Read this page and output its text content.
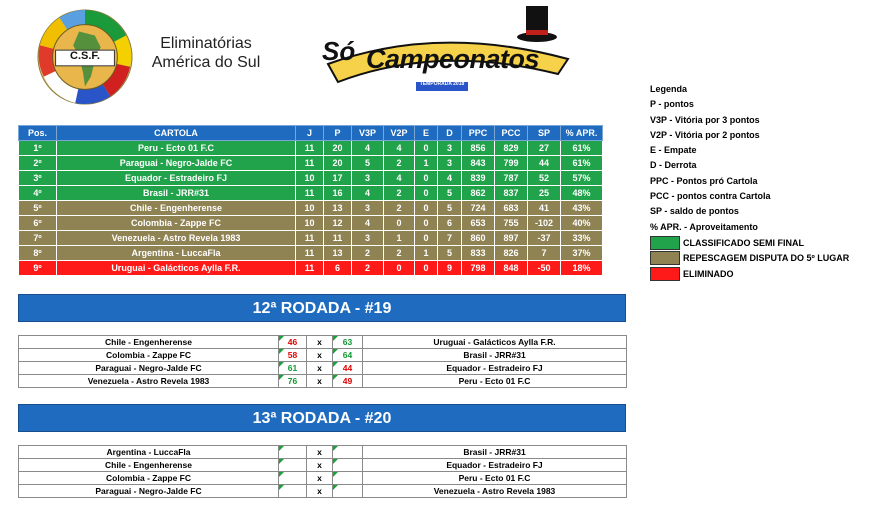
C.S.F.
Eliminatórias
América do Sul	Só Campeonatos
TEMPORADA 2018
Pos.	CARTOLA	J	P	V3P	V2P	E	D	PPC	PCC	SP	% APR.
1º	Peru - Ecto 01 F.C	11	20	4	4	0	3	856	829	27	61%
2º	Paraguai - Negro-Jalde FC	11	20	5	2	1	3	843	799	44	61%
3º	Equador - Estradeiro FJ	10	17	3	4	0	4	839	787	52	57%
4º	Brasil - JRR#31	11	16	4	2	0	5	862	837	25	48%
5º	Chile - Engenherense	10	13	3	2	0	5	724	683	41	43%
6º	Colombia - Zappe FC	10	12	4	0	0	6	653	755	-102	40%
7º	Venezuela - Astro Revela 1983	11	11	3	1	0	7	860	897	-37	33%
8º	Argentina - LuccaFla	11	13	2	2	1	5	833	826	7	37%
9º	Uruguai - Galácticos Aylla F.R.	11	6	2	0	0	9	798	848	-50	18%
Legenda
P - pontos
V3P - Vitória por 3 pontos
V2P - Vitória por 2 pontos
E - Empate
D - Derrota
PPC - Pontos pró Cartola
PCC - pontos contra Cartola
SP - saldo de pontos
% APR. - Aproveitamento
CLASSIFICADO SEMI FINAL
REPESCAGEM DISPUTA DO 5º LUGAR
ELIMINADO
12ª RODADA - #19
Chile - Engenherense	46	x	63	Uruguai - Galácticos Aylla F.R.
Colombia - Zappe FC	58	x	64	Brasil - JRR#31
Paraguai - Negro-Jalde FC	61	x	44	Equador - Estradeiro FJ
Venezuela - Astro Revela 1983	76	x	49	Peru - Ecto 01 F.C
13ª RODADA - #20
Argentina - LuccaFla		x		Brasil - JRR#31
Chile - Engenherense		x		Equador - Estradeiro FJ
Colombia - Zappe FC		x		Peru - Ecto 01 F.C
Paraguai - Negro-Jalde FC		x		Venezuela - Astro Revela 1983
